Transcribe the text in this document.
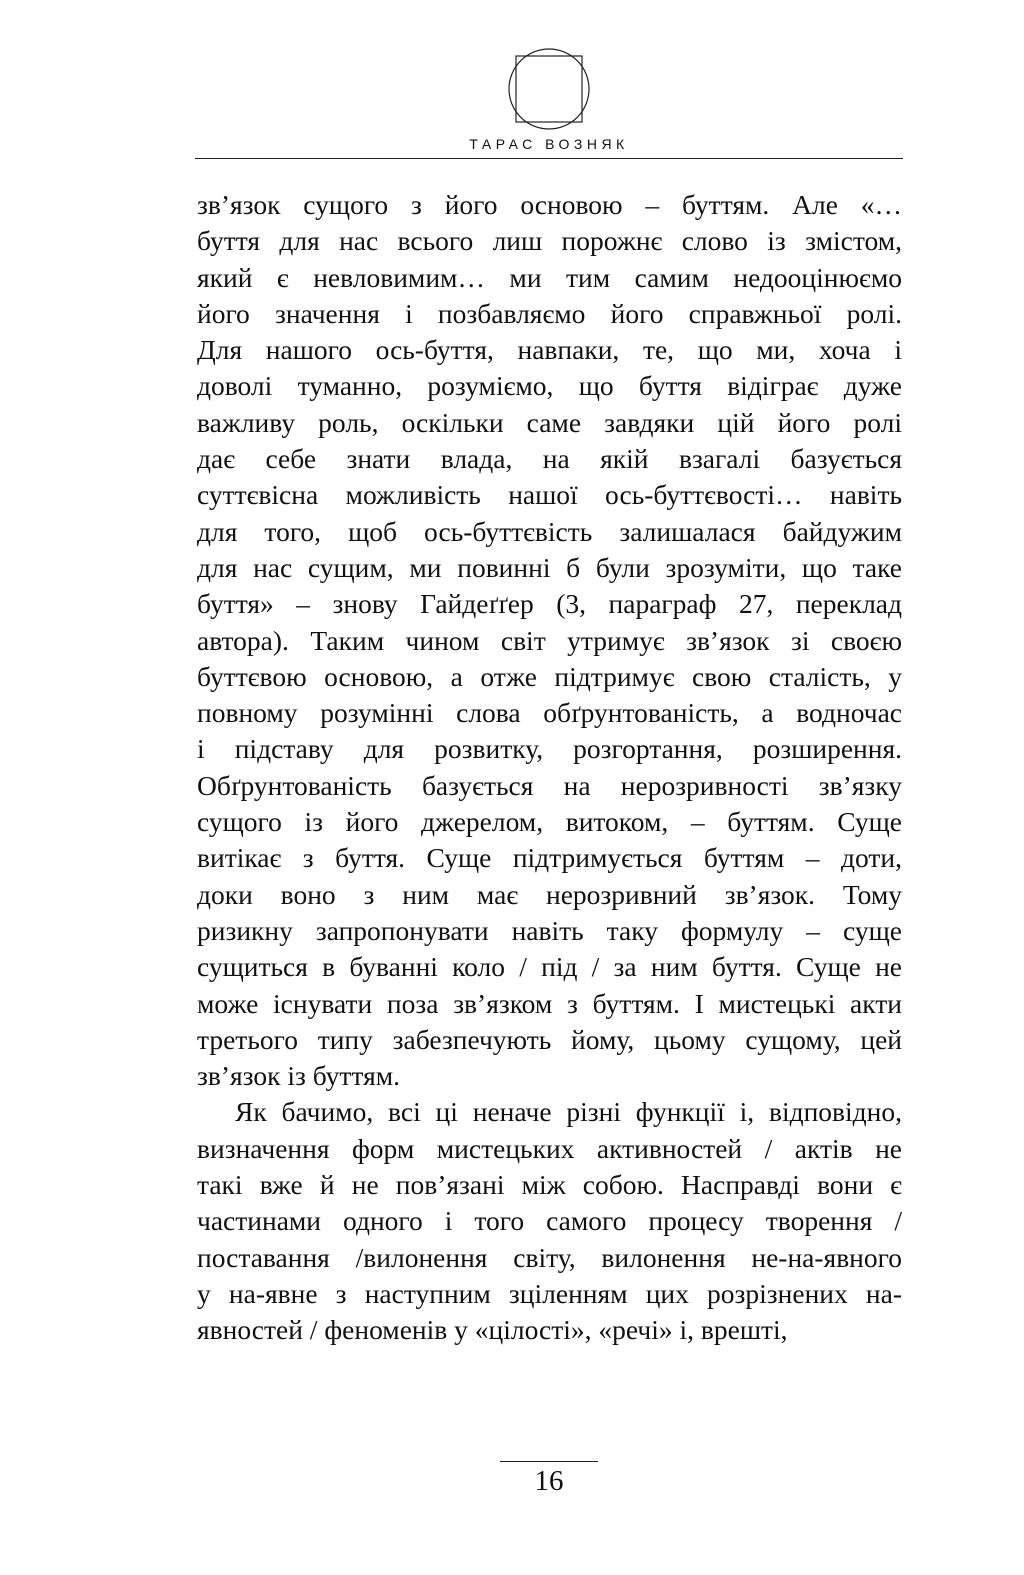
ТАРАС ВОЗНЯК
зв’язок сущого з його основою – буттям. Але «…
буття для нас всього лиш порожнє слово із змістом,
який є невловимим… ми тим самим недооцінюємо
його значення і позбавляємо його справжньої ролі.
Для нашого ось-буття, навпаки, те, що ми, хоча і
доволі туманно, розуміємо, що буття відіграє дуже
важливу роль, оскільки саме завдяки цій його ролі
дає себе знати влада, на якій взагалі базується
суттєвісна можливість нашої ось-буттєвості… навіть
для того, щоб ось-буттєвість залишалася байдужим
для нас сущим, ми повинні б були зрозуміти, що таке
буття» – знову Гайдеґґер (3, параграф 27, переклад
автора). Таким чином світ утримує зв’язок зі своєю
буттєвою основою, а отже підтримує свою сталість, у
повному розумінні слова обґрунтованість, а водночас
і підставу для розвитку, розгортання, розширення.
Обґрунтованість базується на нерозривності зв’язку
сущого із його джерелом, витоком, – буттям. Суще
витікає з буття. Суще підтримується буттям – доти,
доки воно з ним має нерозривний зв’язок. Тому
ризикну запропонувати навіть таку формулу – суще
сущиться в буванні коло / під / за ним буття. Суще не
може існувати поза зв’язком з буттям. І мистецькі акти
третього типу забезпечують йому, цьому сущому, цей
зв’язок із буттям.
Як бачимо, всі ці неначе різні функції і, відповідно,
визначення форм мистецьких активностей / актів не
такі вже й не пов’язані між собою. Насправді вони є
частинами одного і того самого процесу творення /
поставання /вилонення світу, вилонення не-на-явного
у на-явне з наступним зціленням цих розрізнених на-
явностей / феноменів у «цілості», «речі» і, врешті,
16
